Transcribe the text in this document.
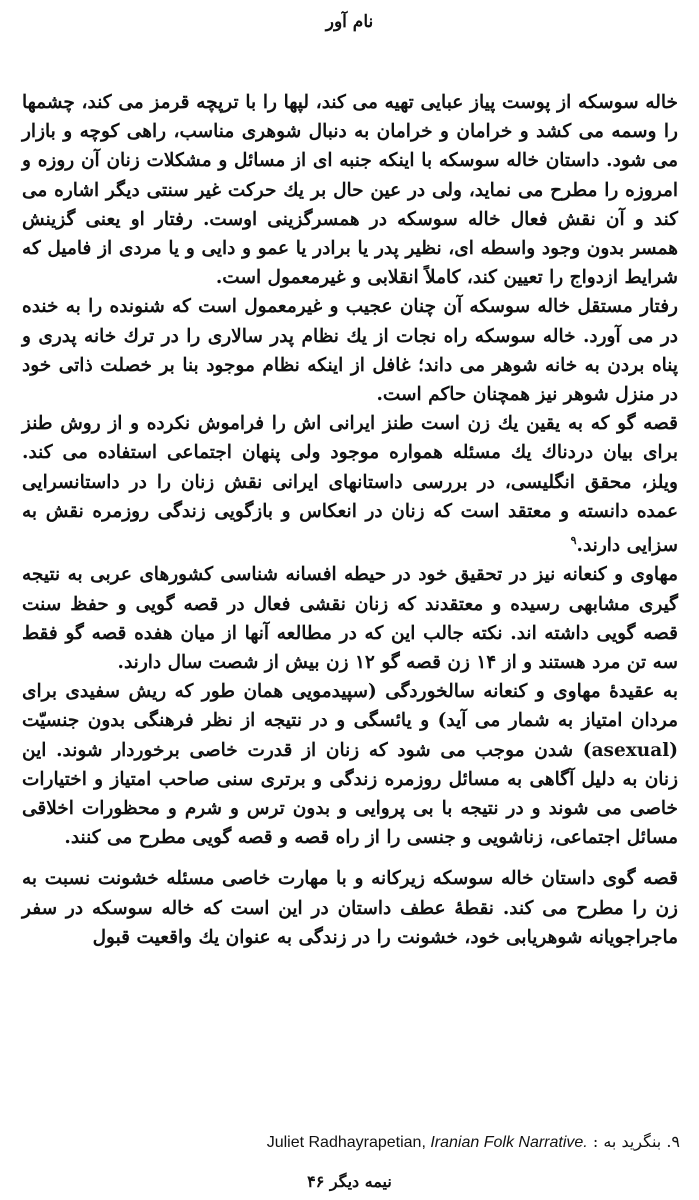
نام آور

خاله سوسکه از پوست پیاز عبایی تهیه می کند، لپها را با ترپچه قرمز می کند، چشمها را وسمه می کشد و خرامان و خرامان به دنبال شوهری مناسب، راهی کوچه و بازار می شود. داستان خاله سوسکه با اینکه جنبه ای از مسائل و مشکلات زنان آن روزه و امروزه را مطرح می نماید، ولی در عین حال بر یك حرکت غیر سنتی دیگر اشاره می کند و آن نقش فعال خاله سوسکه در همسرگزینی اوست. رفتار او یعنی گزینش همسر بدون وجود واسطه ای، نظیر پدر یا برادر یا عمو و دایی و یا مردی از فامیل که شرایط ازدواج را تعیین کند، کاملاً انقلابی و غیرمعمول است.

رفتار مستقل خاله سوسکه آن چنان عجیب و غیرمعمول است که شنونده را به خنده در می آورد. خاله سوسکه راه نجات از یك نظام پدر سالاری را در ترك خانه پدری و پناه بردن به خانه شوهر می داند؛ غافل از اینکه نظام موجود بنا بر خصلت ذاتی خود در منزل شوهر نیز همچنان حاکم است.

قصه گو که به یقین یك زن است طنز ایرانی اش را فراموش نکرده و از روش طنز برای بیان دردناك یك مسئله همواره موجود ولی پنهان اجتماعی استفاده می کند. ویلز، محقق انگلیسی، در بررسی داستانهای ایرانی نقش زنان را در داستانسرایی عمده دانسته و معتقد است که زنان در انعکاس و بازگویی زندگی روزمره نقش به سزایی دارند.$^۹$

مهاوی و کنعانه نیز در تحقیق خود در حیطه افسانه شناسی کشورهای عربی به نتیجه گیری مشابهی رسیده و معتقدند که زنان نقشی فعال در قصه گویی و حفظ سنت قصه گویی داشته اند. نکته جالب این که در مطالعه آنها از میان هفده قصه گو فقط سه تن مرد هستند و از ۱۴ زن قصه گو ۱۲ زن بیش از شصت سال دارند.

به عقیدهٔ مهاوی و کنعانه سالخوردگی (سپیدمویی همان طور که ریش سفیدی برای مردان امتیاز به شمار می آید) و یائسگی و در نتیجه از نظر فرهنگی بدون جنسیّت (asexual) شدن موجب می شود که زنان از قدرت خاصی برخوردار شوند. این زنان به دلیل آگاهی به مسائل روزمره زندگی و برتری سنی صاحب امتیاز و اختیارات خاصی می شوند و در نتیجه با بی پروایی و بدون ترس و شرم و محظورات اخلاقی مسائل اجتماعی، زناشویی و جنسی را از راه قصه و قصه گویی مطرح می کنند.

قصه گوی داستان خاله سوسکه زیرکانه و با مهارت خاصی مسئله خشونت نسبت به زن را مطرح می کند. نقطهٔ عطف داستان در این است که خاله سوسکه در سفر ماجراجویانه شوهریابی خود، خشونت را در زندگی به عنوان یك واقعیت قبول

۹. بنگرید به : Juliet Radhayrapetian, Iranian Folk Narrative.
نیمه دیگر ۴۶
